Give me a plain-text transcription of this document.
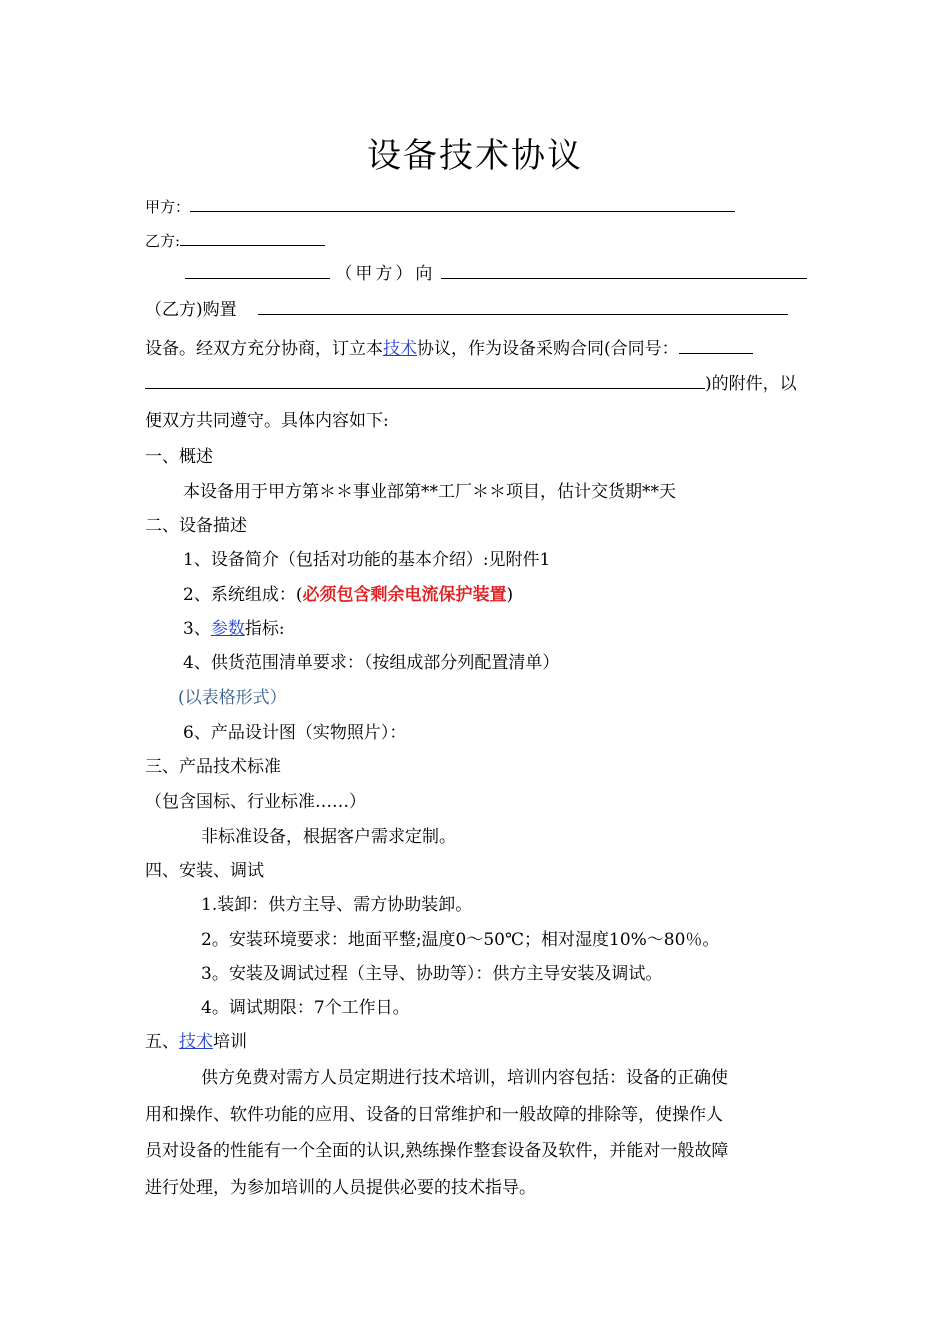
设备技术协议
甲方：
乙方:
（甲方）向
（乙方)购置
设备。经双方充分协商，订立本技术协议，作为设备采购合同(合同号：
)的附件，以
便双方共同遵守。具体内容如下:
一、概述
本设备用于甲方第＊＊事业部第**工厂＊＊项目，估计交货期**天
二、设备描述
1、设备简介（包括对功能的基本介绍）:见附件1
2、系统组成：(必须包含剩余电流保护装置)
3、参数指标:
4、供货范围清单要求：（按组成部分列配置清单）
(以表格形式）
6、产品设计图（实物照片）：
三、产品技术标准
（包含国标、行业标准……）
非标准设备，根据客户需求定制。
四、安装、调试
1.装卸：供方主导、需方协助装卸。
2。安装环境要求：地面平整;温度0～50℃；相对湿度10%～80％。
3。安装及调试过程（主导、协助等）：供方主导安装及调试。
4。调试期限：7个工作日。
五、技术培训
供方免费对需方人员定期进行技术培训，培训内容包括：设备的正确使
用和操作、软件功能的应用、设备的日常维护和一般故障的排除等，使操作人
员对设备的性能有一个全面的认识,熟练操作整套设备及软件，并能对一般故障
进行处理，为参加培训的人员提供必要的技术指导。
